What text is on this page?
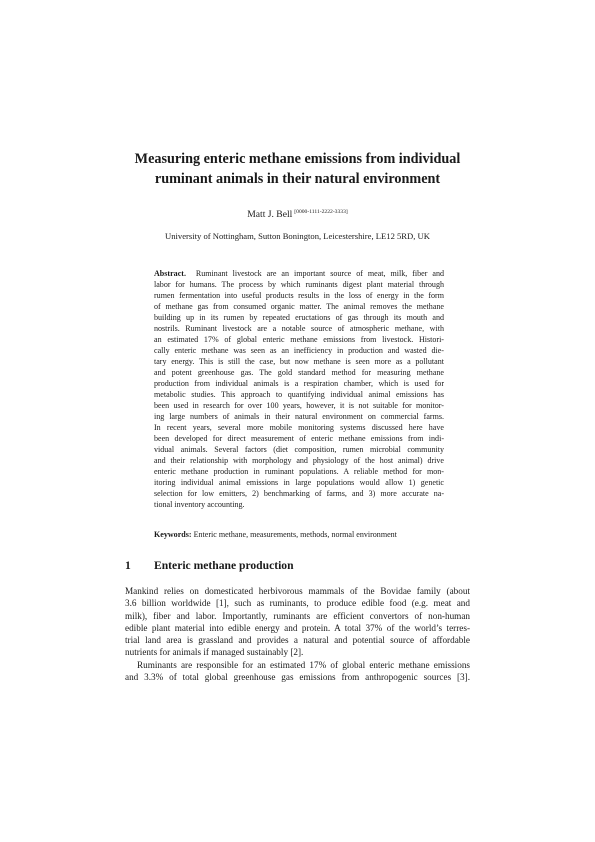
Measuring enteric methane emissions from individual
ruminant animals in their natural environment
Matt J. Bell [0000-1111-2222-3333]
University of Nottingham, Sutton Bonington, Leicestershire, LE12 5RD, UK
Abstract. Ruminant livestock are an important source of meat, milk, fiber and
labor for humans. The process by which ruminants digest plant material through
rumen fermentation into useful products results in the loss of energy in the form
of methane gas from consumed organic matter. The animal removes the methane
building up in its rumen by repeated eructations of gas through its mouth and
nostrils. Ruminant livestock are a notable source of atmospheric methane, with
an estimated 17% of global enteric methane emissions from livestock. Histori-
cally enteric methane was seen as an inefficiency in production and wasted die-
tary energy. This is still the case, but now methane is seen more as a pollutant
and potent greenhouse gas. The gold standard method for measuring methane
production from individual animals is a respiration chamber, which is used for
metabolic studies. This approach to quantifying individual animal emissions has
been used in research for over 100 years, however, it is not suitable for monitor-
ing large numbers of animals in their natural environment on commercial farms.
In recent years, several more mobile monitoring systems discussed here have
been developed for direct measurement of enteric methane emissions from indi-
vidual animals. Several factors (diet composition, rumen microbial community
and their relationship with morphology and physiology of the host animal) drive
enteric methane production in ruminant populations. A reliable method for mon-
itoring individual animal emissions in large populations would allow 1) genetic
selection for low emitters, 2) benchmarking of farms, and 3) more accurate na-
tional inventory accounting.
Keywords: Enteric methane, measurements, methods, normal environment
1 Enteric methane production
Mankind relies on domesticated herbivorous mammals of the Bovidae family (about
3.6 billion worldwide [1], such as ruminants, to produce edible food (e.g. meat and
milk), fiber and labor. Importantly, ruminants are efficient convertors of non-human
edible plant material into edible energy and protein. A total 37% of the world’s terres-
trial land area is grassland and provides a natural and potential source of affordable
nutrients for animals if managed sustainably [2].
Ruminants are responsible for an estimated 17% of global enteric methane emissions
and 3.3% of total global greenhouse gas emissions from anthropogenic sources [3].
